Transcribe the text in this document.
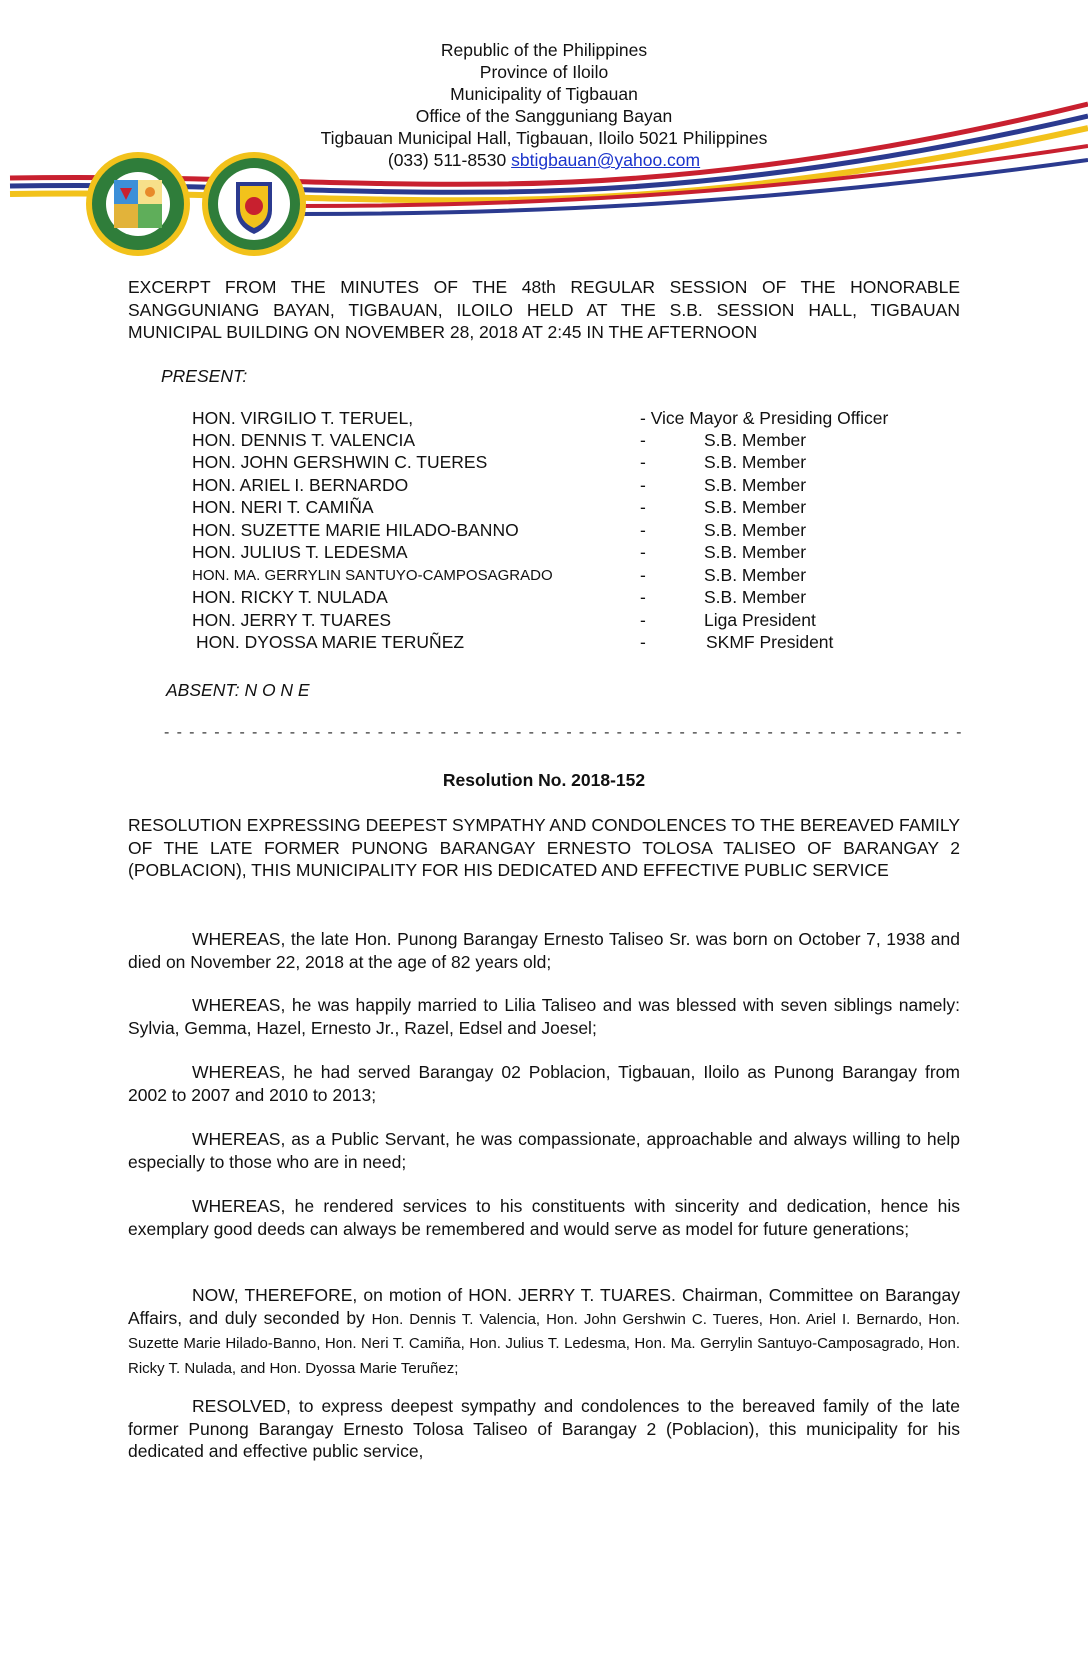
Republic of the Philippines
Province of Iloilo
Municipality of Tigbauan
Office of the Sangguniang Bayan
Tigbauan Municipal Hall, Tigbauan, Iloilo 5021 Philippines
(033) 511-8530 sbtigbauan@yahoo.com
EXCERPT FROM THE MINUTES OF THE 48th REGULAR SESSION OF THE HONORABLE SANGGUNIANG BAYAN, TIGBAUAN, ILOILO HELD AT THE S.B. SESSION HALL, TIGBAUAN MUNICIPAL BUILDING ON NOVEMBER 28, 2018 AT 2:45 IN THE AFTERNOON
PRESENT:
HON. VIRGILIO T. TERUEL,	- Vice Mayor & Presiding Officer
HON. DENNIS T. VALENCIA	-	S.B. Member
HON. JOHN GERSHWIN C. TUERES	-	S.B. Member
HON. ARIEL I. BERNARDO	-	S.B. Member
HON. NERI T. CAMIÑA	-	S.B. Member
HON. SUZETTE MARIE HILADO-BANNO	-	S.B. Member
HON. JULIUS T. LEDESMA	-	S.B. Member
HON. MA. GERRYLIN SANTUYO-CAMPOSAGRADO	-	S.B. Member
HON. RICKY T. NULADA	-	S.B. Member
HON. JERRY T. TUARES	-	Liga President
HON. DYOSSA MARIE TERUÑEZ	-	SKMF President
ABSENT: N O N E
- - - - - - - - - - - - - - - - - - - - - - - - - - - - - - - - - - - - - - - - - - - - - - - - - - - - - - - - - - - - - - - -
Resolution No. 2018-152
RESOLUTION EXPRESSING DEEPEST SYMPATHY AND CONDOLENCES TO THE BEREAVED FAMILY OF THE LATE FORMER PUNONG BARANGAY ERNESTO TOLOSA TALISEO OF BARANGAY 2 (POBLACION), THIS MUNICIPALITY FOR HIS DEDICATED AND EFFECTIVE PUBLIC SERVICE
WHEREAS, the late Hon. Punong Barangay Ernesto Taliseo Sr. was born on October 7, 1938 and died on November 22, 2018 at the age of 82 years old;
WHEREAS, he was happily married to Lilia Taliseo and was blessed with seven siblings namely: Sylvia, Gemma, Hazel, Ernesto Jr., Razel, Edsel and Joesel;
WHEREAS, he had served Barangay 02 Poblacion, Tigbauan, Iloilo as Punong Barangay from 2002 to 2007 and 2010 to 2013;
WHEREAS, as a Public Servant, he was compassionate, approachable and always willing to help especially to those who are in need;
WHEREAS, he rendered services to his constituents with sincerity and dedication, hence his exemplary good deeds can always be remembered and would serve as model for future generations;
NOW, THEREFORE, on motion of HON. JERRY T. TUARES. Chairman, Committee on Barangay Affairs, and duly seconded by Hon. Dennis T. Valencia, Hon. John Gershwin C. Tueres, Hon. Ariel I. Bernardo, Hon. Suzette Marie Hilado-Banno, Hon. Neri T. Camiña, Hon. Julius T. Ledesma, Hon. Ma. Gerrylin Santuyo-Camposagrado, Hon. Ricky T. Nulada, and Hon. Dyossa Marie Teruñez;
RESOLVED, to express deepest sympathy and condolences to the bereaved family of the late former Punong Barangay Ernesto Tolosa Taliseo of Barangay 2 (Poblacion), this municipality for his dedicated and effective public service,
